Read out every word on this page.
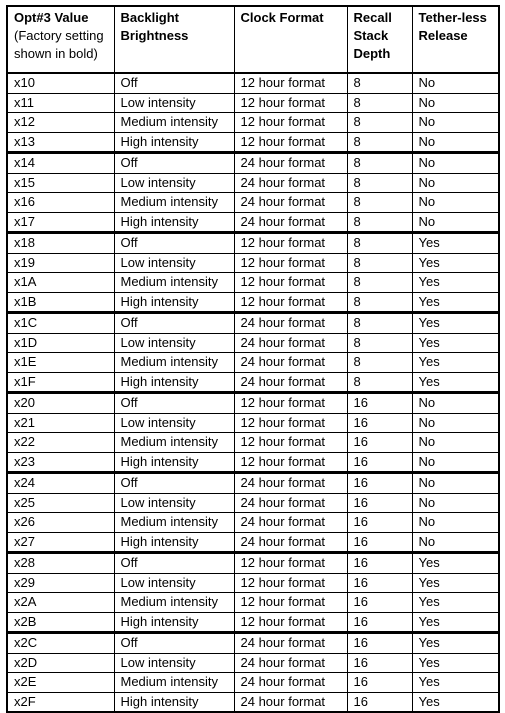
Opt#3 Value
(Factory setting shown in bold)	Backlight Brightness	Clock Format	Recall Stack Depth	Tether-less Release
x10	Off	12 hour format	8	No
x11	Low intensity	12 hour format	8	No
x12	Medium intensity	12 hour format	8	No
x13	High intensity	12 hour format	8	No
x14	Off	24 hour format	8	No
x15	Low intensity	24 hour format	8	No
x16	Medium intensity	24 hour format	8	No
x17	High intensity	24 hour format	8	No
x18	Off	12 hour format	8	Yes
x19	Low intensity	12 hour format	8	Yes
x1A	Medium intensity	12 hour format	8	Yes
x1B	High intensity	12 hour format	8	Yes
x1C	Off	24 hour format	8	Yes
x1D	Low intensity	24 hour format	8	Yes
x1E	Medium intensity	24 hour format	8	Yes
x1F	High intensity	24 hour format	8	Yes
x20	Off	12 hour format	16	No
x21	Low intensity	12 hour format	16	No
x22	Medium intensity	12 hour format	16	No
x23	High intensity	12 hour format	16	No
x24	Off	24 hour format	16	No
x25	Low intensity	24 hour format	16	No
x26	Medium intensity	24 hour format	16	No
x27	High intensity	24 hour format	16	No
x28	Off	12 hour format	16	Yes
x29	Low intensity	12 hour format	16	Yes
x2A	Medium intensity	12 hour format	16	Yes
x2B	High intensity	12 hour format	16	Yes
x2C	Off	24 hour format	16	Yes
x2D	Low intensity	24 hour format	16	Yes
x2E	Medium intensity	24 hour format	16	Yes
x2F	High intensity	24 hour format	16	Yes
